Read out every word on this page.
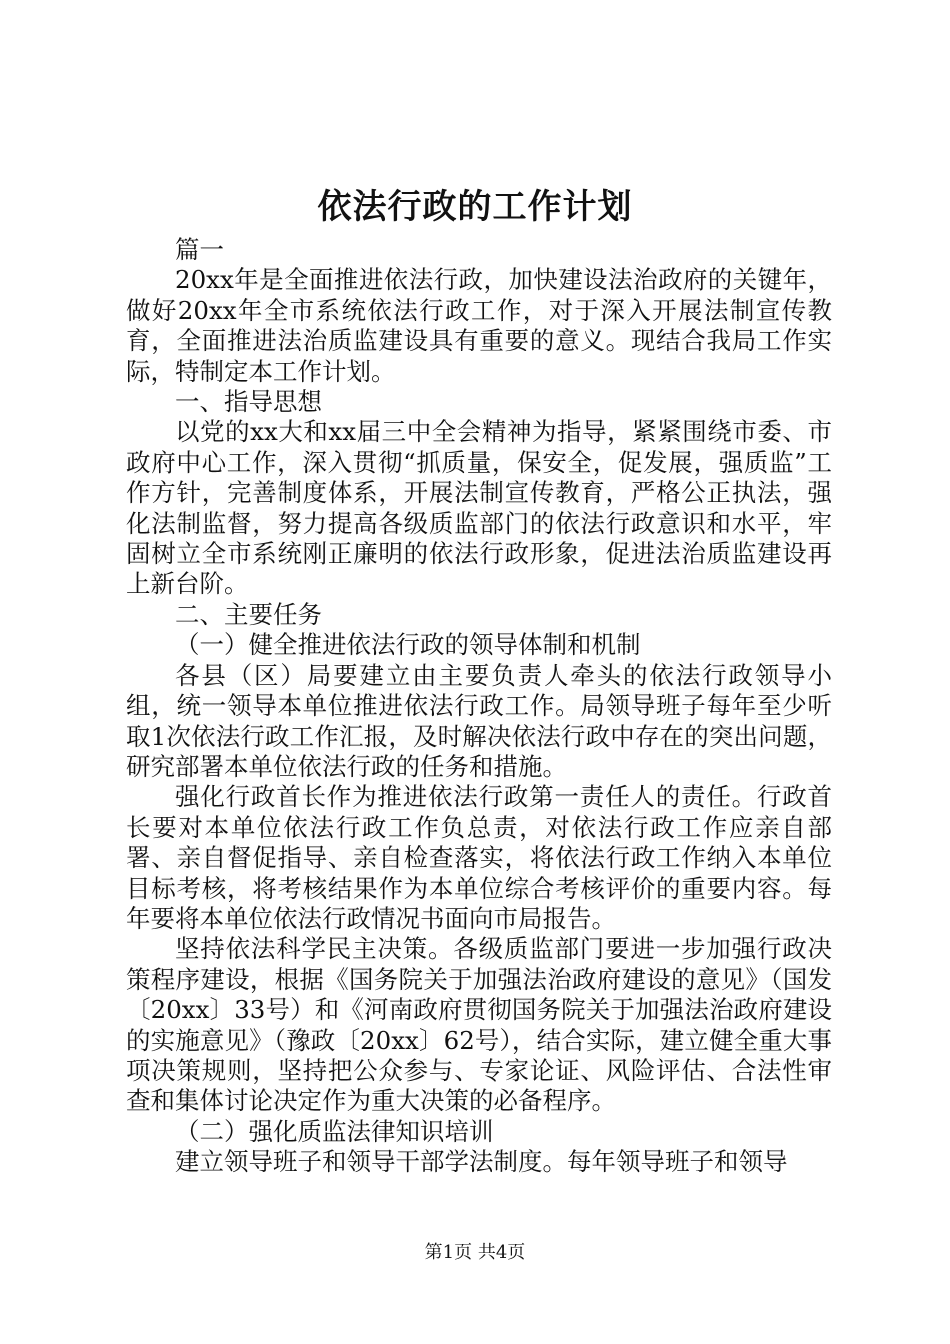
依法行政的工作计划

篇一

20xx年是全面推进依法行政，加快建设法治政府的关键年，做好20xx年全市系统依法行政工作，对于深入开展法制宣传教育，全面推进法治质监建设具有重要的意义。现结合我局工作实际，特制定本工作计划。

一、指导思想

以党的xx大和xx届三中全会精神为指导，紧紧围绕市委、市政府中心工作，深入贯彻“抓质量，保安全，促发展，强质监”工作方针，完善制度体系，开展法制宣传教育，严格公正执法，强化法制监督，努力提高各级质监部门的依法行政意识和水平，牢固树立全市系统刚正廉明的依法行政形象，促进法治质监建设再上新台阶。

二、主要任务

（一）健全推进依法行政的领导体制和机制

各县（区）局要建立由主要负责人牵头的依法行政领导小组，统一领导本单位推进依法行政工作。局领导班子每年至少听取1次依法行政工作汇报，及时解决依法行政中存在的突出问题，研究部署本单位依法行政的任务和措施。

强化行政首长作为推进依法行政第一责任人的责任。行政首长要对本单位依法行政工作负总责，对依法行政工作应亲自部署、亲自督促指导、亲自检查落实，将依法行政工作纳入本单位目标考核，将考核结果作为本单位综合考核评价的重要内容。每年要将本单位依法行政情况书面向市局报告。

坚持依法科学民主决策。各级质监部门要进一步加强行政决策程序建设，根据《国务院关于加强法治政府建设的意见》（国发〔20xx〕33号）和《河南政府贯彻国务院关于加强法治政府建设的实施意见》（豫政〔20xx〕62号），结合实际，建立健全重大事项决策规则，坚持把公众参与、专家论证、风险评估、合法性审查和集体讨论决定作为重大决策的必备程序。

（二）强化质监法律知识培训

建立领导班子和领导干部学法制度。每年领导班子和领导

第1页 共4页
